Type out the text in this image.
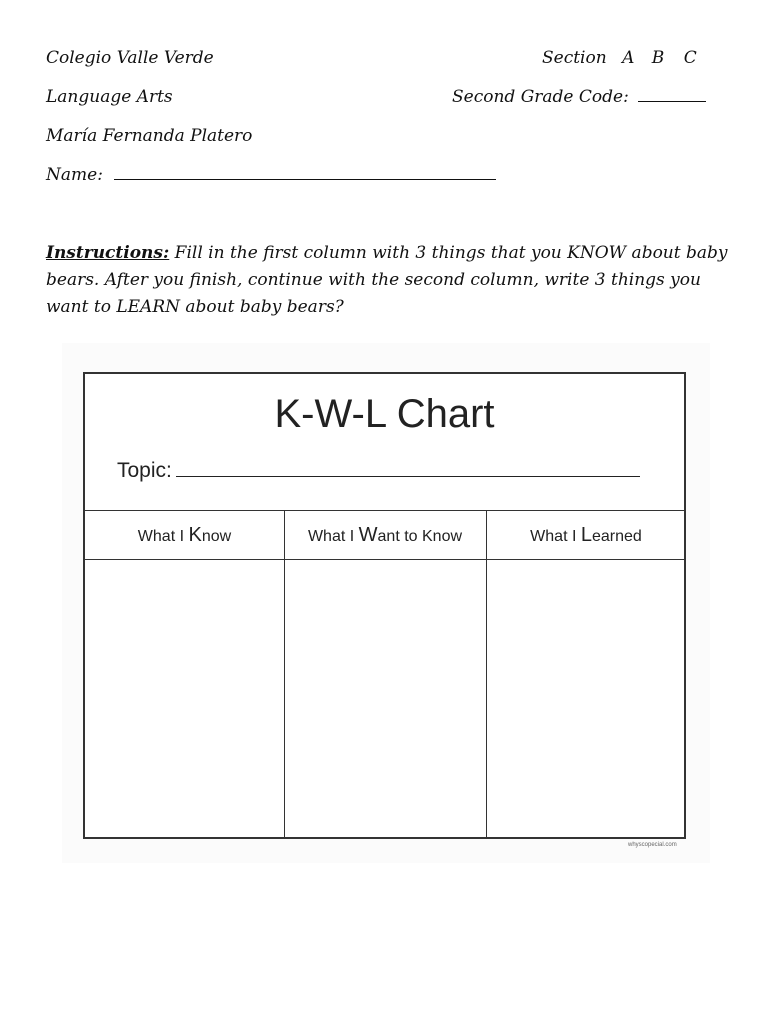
Colegio Valle Verde	Section A B C
Language Arts	Second Grade Code:
María Fernanda Platero
Name:
Instructions: Fill in the first column with 3 things that you KNOW about baby bears. After you finish, continue with the second column, write 3 things you want to LEARN about baby bears?
K-W-L Chart
Topic:
What I Know	What I Want to Know	What I Learned
whyscopecial.com
